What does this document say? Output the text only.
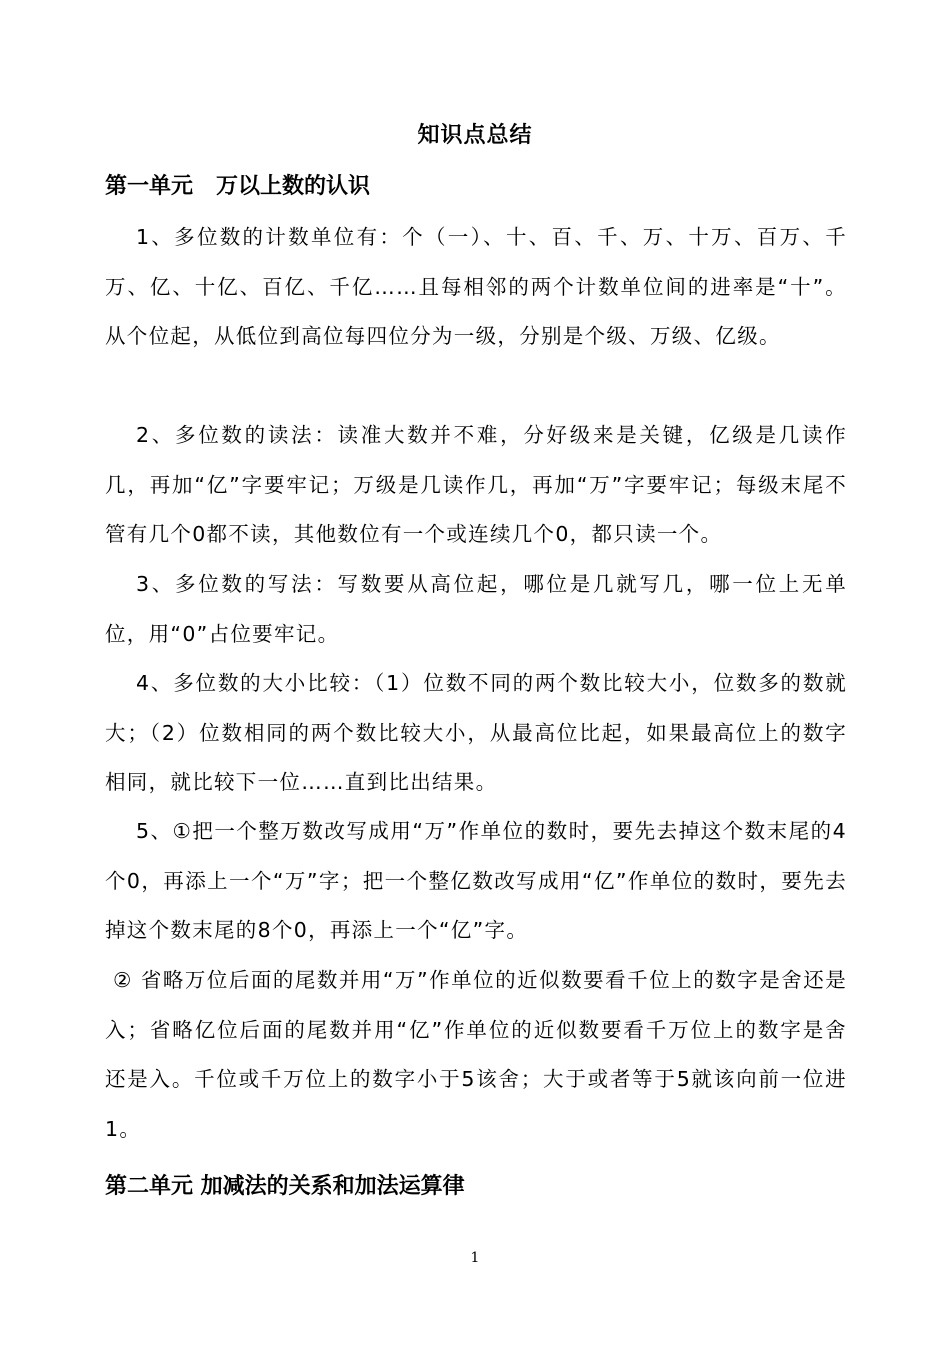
知识点总结
第一单元   万以上数的认识
1、多位数的计数单位有：个（一）、十、百、千、万、十万、百万、千万、亿、十亿、百亿、千亿……且每相邻的两个计数单位间的进率是“十”。从个位起，从低位到高位每四位分为一级，分别是个级、万级、亿级。
2、多位数的读法：读准大数并不难，分好级来是关键，亿级是几读作几，再加“亿”字要牢记；万级是几读作几，再加“万”字要牢记；每级末尾不管有几个0都不读，其他数位有一个或连续几个0，都只读一个。
3、多位数的写法：写数要从高位起，哪位是几就写几，哪一位上无单位，用“0”占位要牢记。
4、多位数的大小比较：（1）位数不同的两个数比较大小，位数多的数就大；（2）位数相同的两个数比较大小，从最高位比起，如果最高位上的数字相同，就比较下一位……直到比出结果。
5、①把一个整万数改写成用“万”作单位的数时，要先去掉这个数末尾的4个0，再添上一个“万”字；把一个整亿数改写成用“亿”作单位的数时，要先去掉这个数末尾的8个0，再添上一个“亿”字。
② 省略万位后面的尾数并用“万”作单位的近似数要看千位上的数字是舍还是入；省略亿位后面的尾数并用“亿”作单位的近似数要看千万位上的数字是舍还是入。千位或千万位上的数字小于5该舍；大于或者等于5就该向前一位进1。
第二单元 加减法的关系和加法运算律
1
